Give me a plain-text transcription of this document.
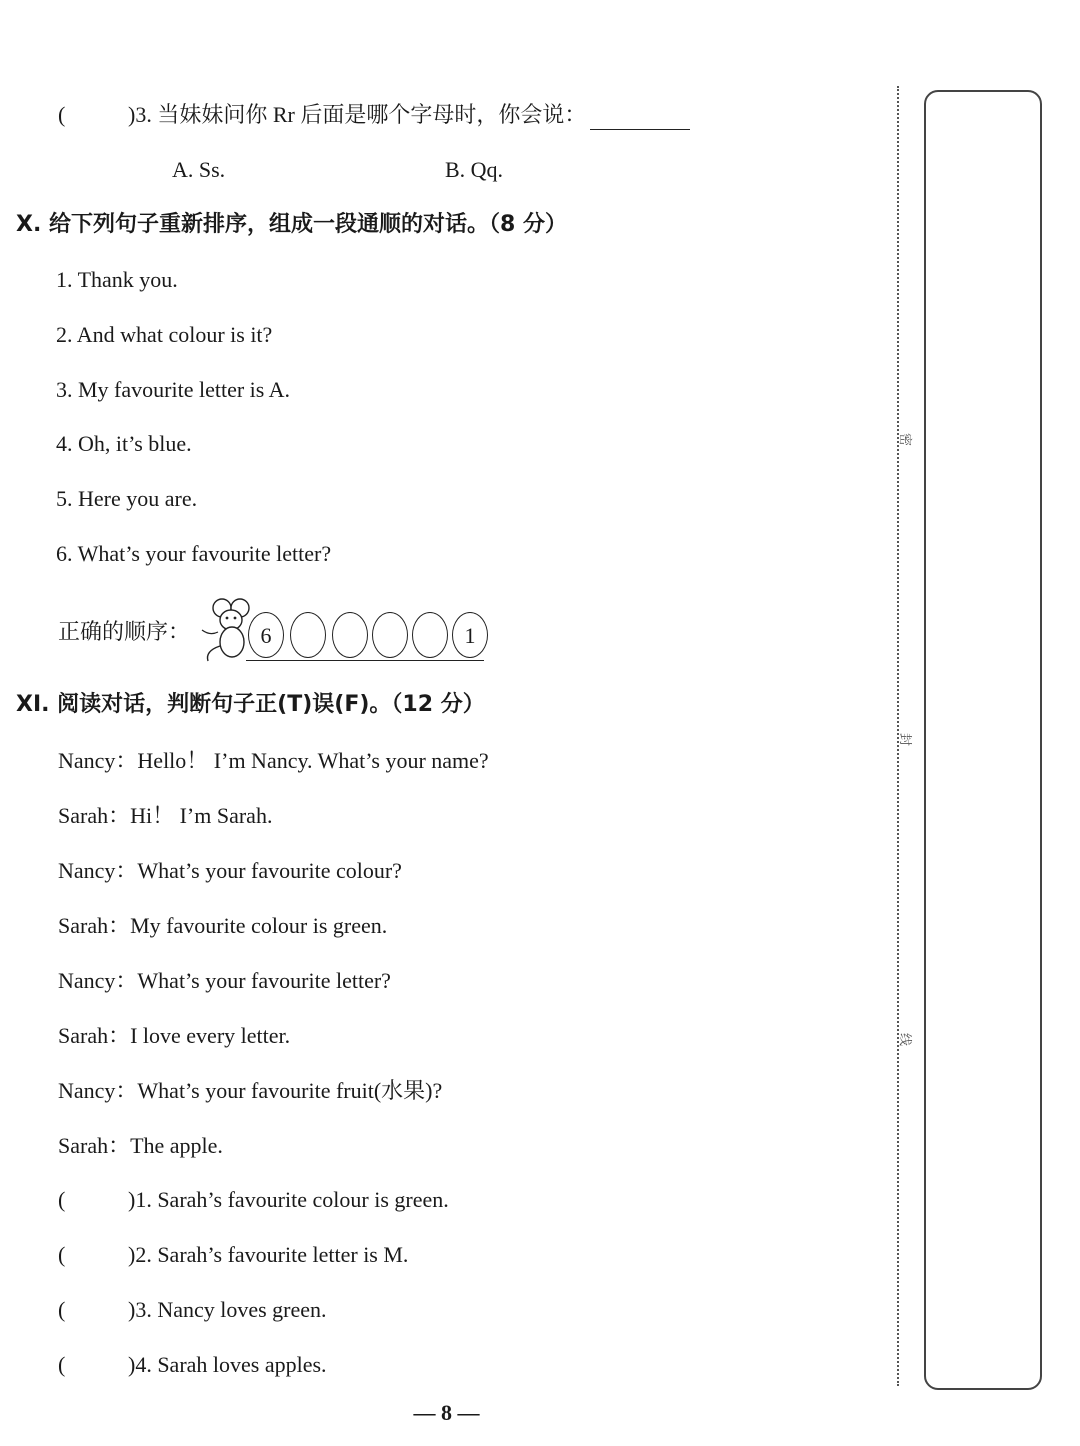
(	)3. 当妹妹问你 Rr 后面是哪个字母时，你会说：
A. Ss.	B. Qq.
X. 给下列句子重新排序，组成一段通顺的对话。（8 分）
1. Thank you.
2. And what colour is it?
3. My favourite letter is A.
4. Oh, it’s blue.
5. Here you are.
6. What’s your favourite letter?
正确的顺序：	6	1
XI. 阅读对话，判断句子正(T)误(F)。（12 分）
Nancy：Hello！ I’m Nancy. What’s your name?
Sarah：Hi！ I’m Sarah.
Nancy：What’s your favourite colour?
Sarah：My favourite colour is green.
Nancy：What’s your favourite letter?
Sarah：I love every letter.
Nancy：What’s your favourite fruit(水果)?
Sarah：The apple.
(	)1. Sarah’s favourite colour is green.
(	)2. Sarah’s favourite letter is M.
(	)3. Nancy loves green.
(	)4. Sarah loves apples.
密
封
线
— 8 —
